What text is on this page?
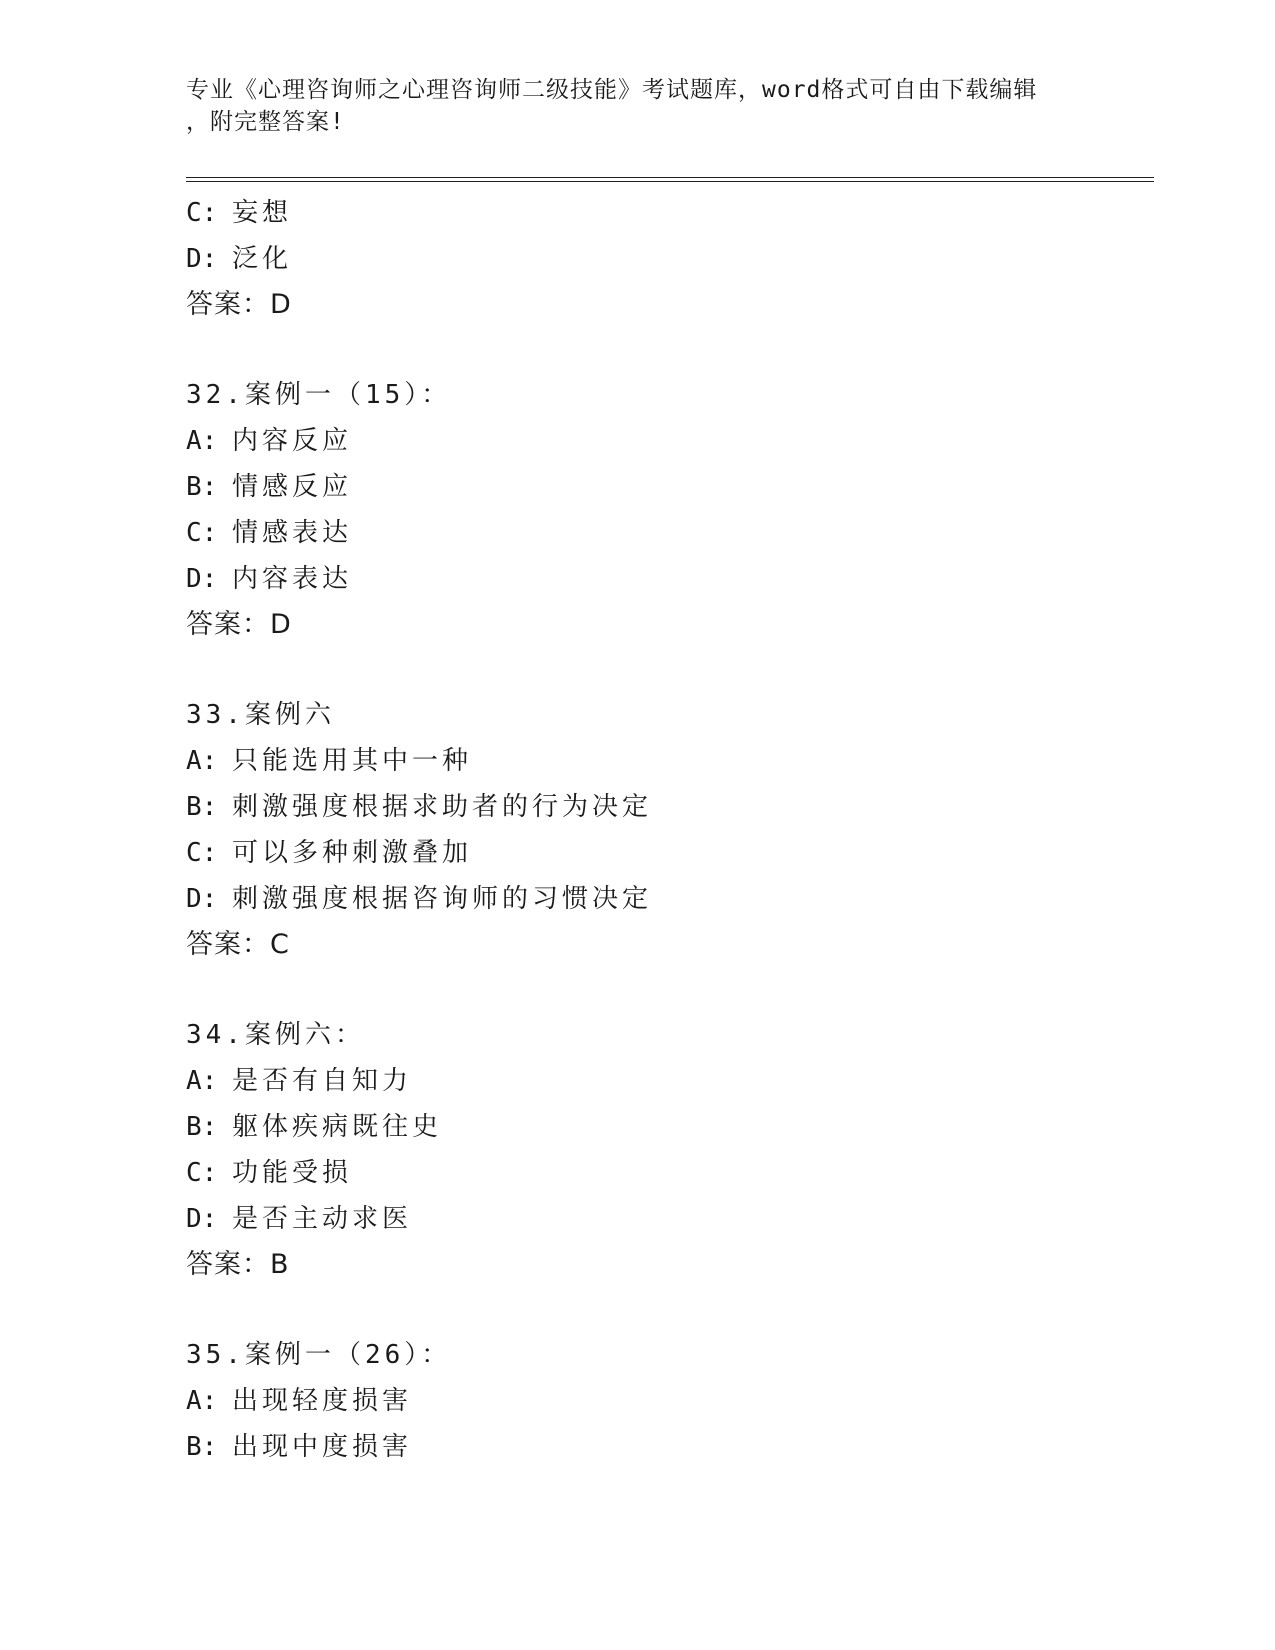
专业《心理咨询师之心理咨询师二级技能》考试题库，word格式可自由下载编辑
，附完整答案!
C: 妄想
D: 泛化
答案：D
32.案例一（15）：
A: 内容反应
B: 情感反应
C: 情感表达
D: 内容表达
答案：D
33.案例六
A: 只能选用其中一种
B: 刺激强度根据求助者的行为决定
C: 可以多种刺激叠加
D: 刺激强度根据咨询师的习惯决定
答案：C
34.案例六：
A: 是否有自知力
B: 躯体疾病既往史
C: 功能受损
D: 是否主动求医
答案：B
35.案例一（26）：
A: 出现轻度损害
B: 出现中度损害
